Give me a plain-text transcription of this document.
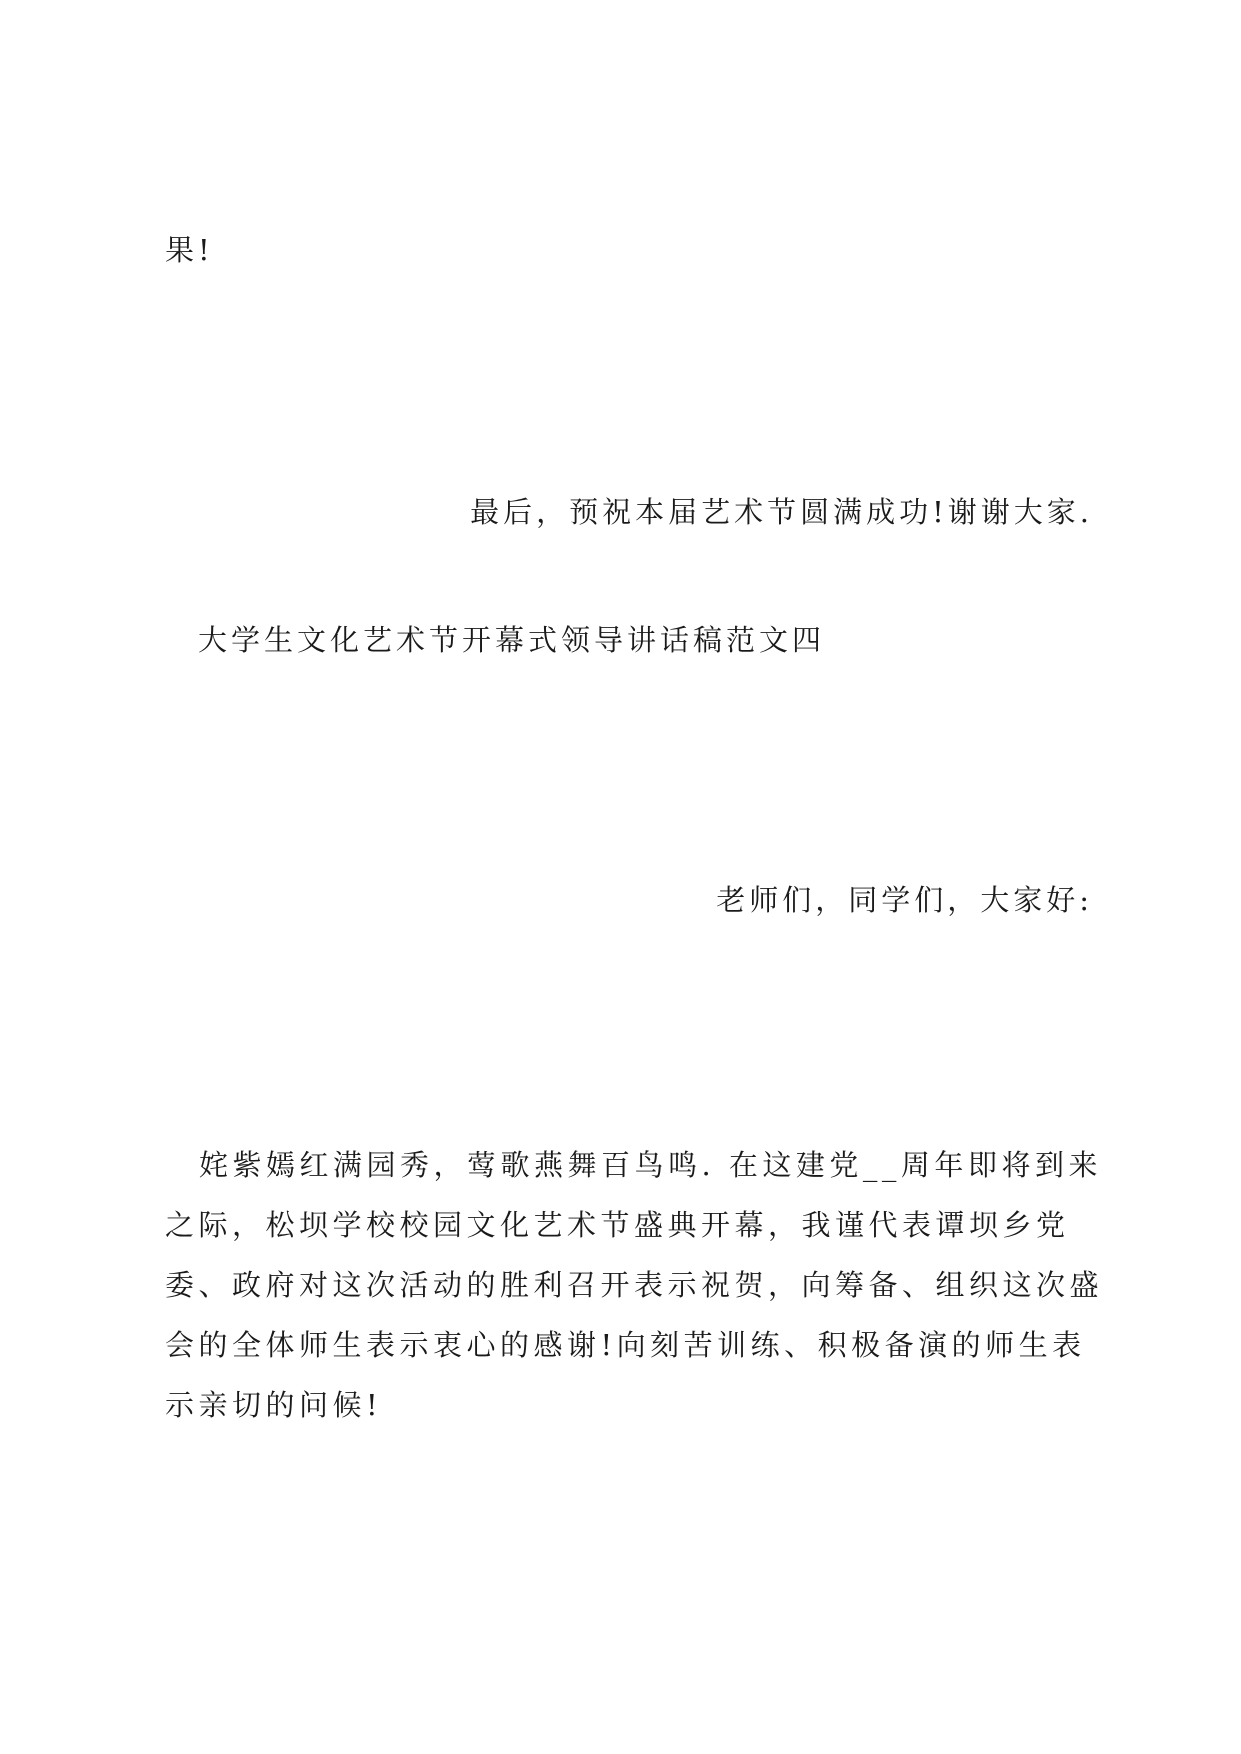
果!
最后，预祝本届艺术节圆满成功!谢谢大家.
大学生文化艺术节开幕式领导讲话稿范文四
老师们，同学们，大家好:
姹紫嫣红满园秀，莺歌燕舞百鸟鸣. 在这建党__周年即将到来
之际，松坝学校校园文化艺术节盛典开幕，我谨代表谭坝乡党
委、政府对这次活动的胜利召开表示祝贺，向筹备、组织这次盛
会的全体师生表示衷心的感谢!向刻苦训练、积极备演的师生表
示亲切的问候!
